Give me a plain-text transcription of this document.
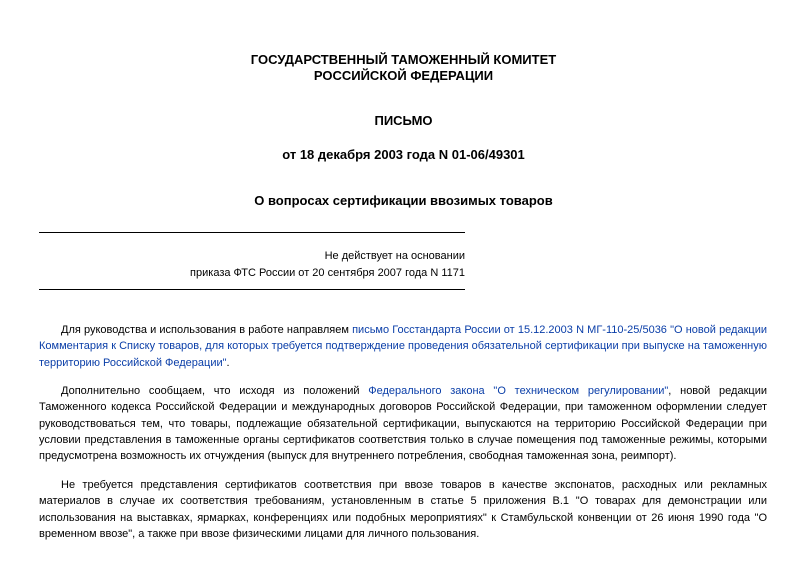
ГОСУДАРСТВЕННЫЙ ТАМОЖЕННЫЙ КОМИТЕТ
РОССИЙСКОЙ ФЕДЕРАЦИИ
ПИСЬМО
от 18 декабря 2003 года N 01-06/49301
О вопросах сертификации ввозимых товаров
Не действует на основании
приказа ФТС России от 20 сентября 2007 года N 1171
Для руководства и использования в работе направляем письмо Госстандарта России от 15.12.2003 N МГ-110-25/5036 "О новой редакции Комментария к Списку товаров, для которых требуется подтверждение проведения обязательной сертификации при выпуске на таможенную территорию Российской Федерации".
Дополнительно сообщаем, что исходя из положений Федерального закона "О техническом регулировании", новой редакции Таможенного кодекса Российской Федерации и международных договоров Российской Федерации, при таможенном оформлении следует руководствоваться тем, что товары, подлежащие обязательной сертификации, выпускаются на территорию Российской Федерации при условии представления в таможенные органы сертификатов соответствия только в случае помещения под таможенные режимы, которыми предусмотрена возможность их отчуждения (выпуск для внутреннего потребления, свободная таможенная зона, реимпорт).
Не требуется представления сертификатов соответствия при ввозе товаров в качестве экспонатов, расходных или рекламных материалов в случае их соответствия требованиям, установленным в статье 5 приложения В.1 "О товарах для демонстрации или использования на выставках, ярмарках, конференциях или подобных мероприятиях" к Стамбульской конвенции от 26 июня 1990 года "О временном ввозе", а также при ввозе физическими лицами для личного пользования.
